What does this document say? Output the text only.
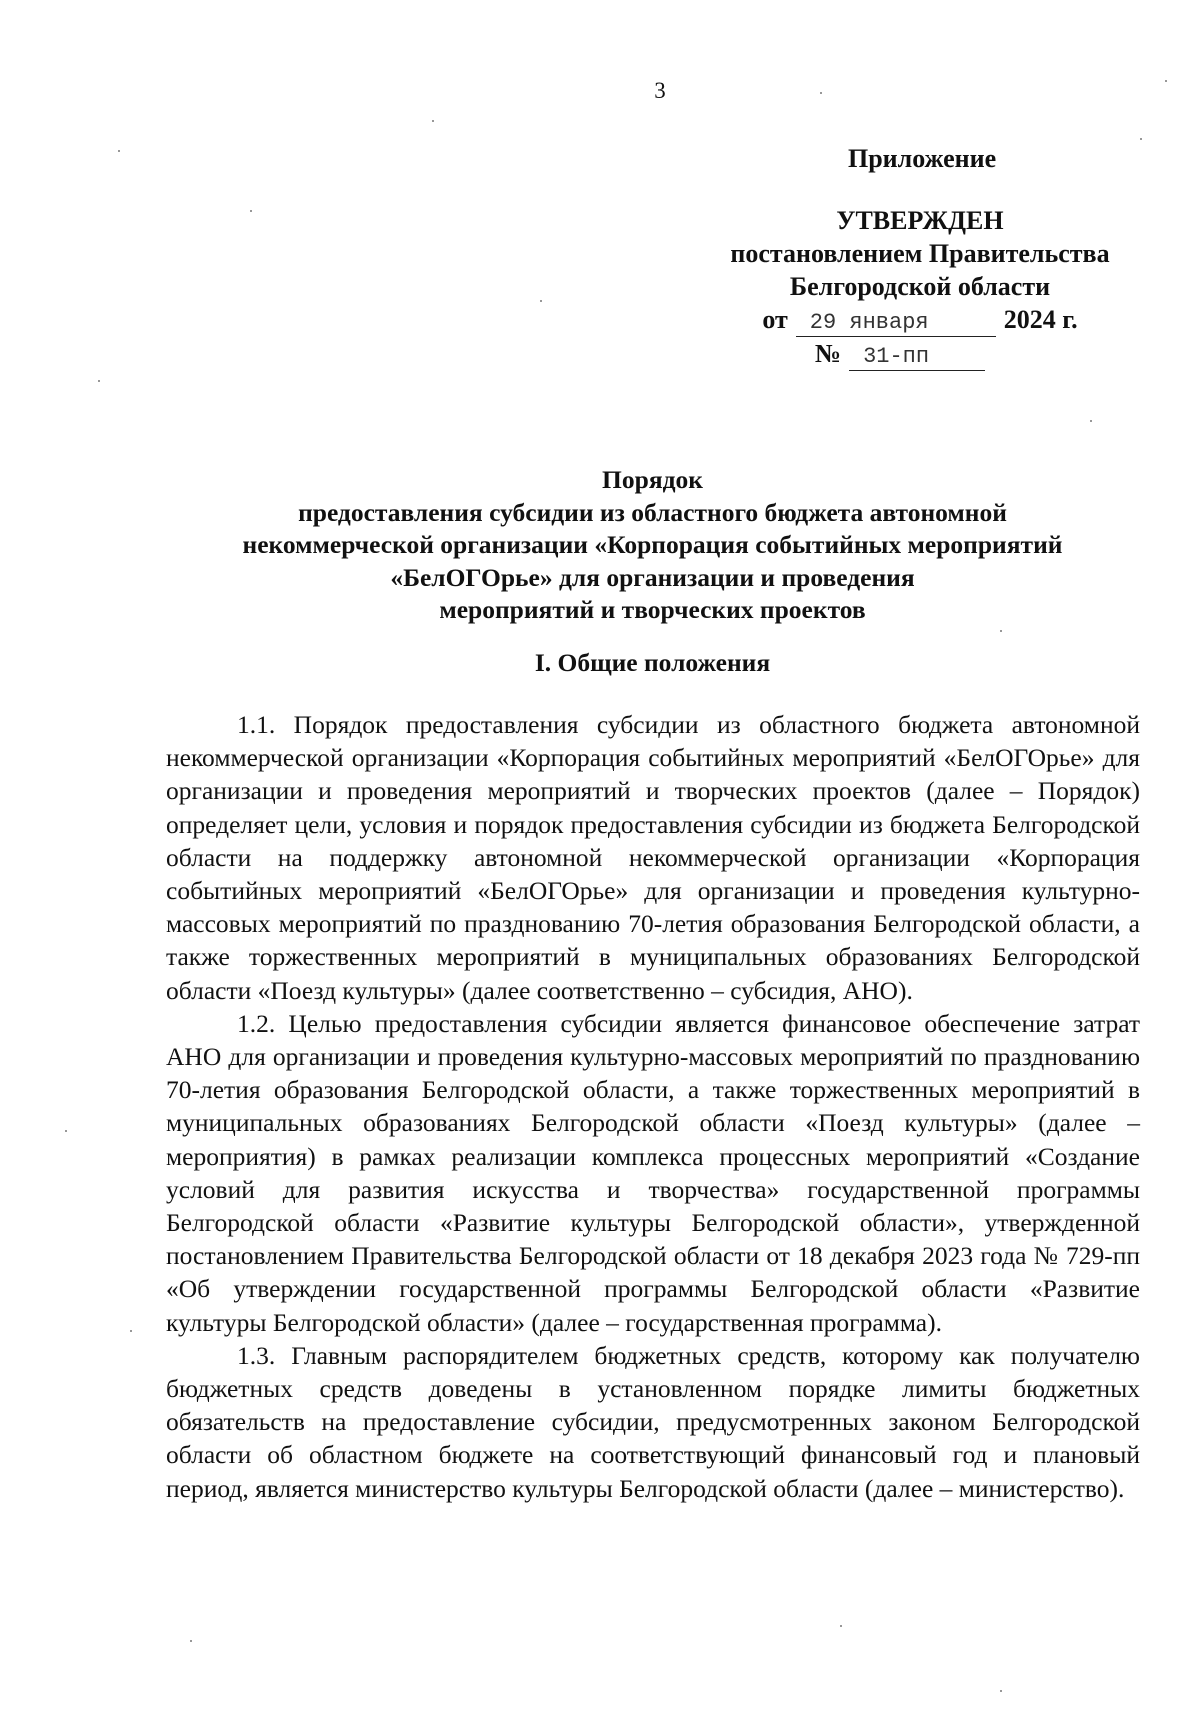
3
Приложение
УТВЕРЖДЕН
постановлением Правительства
Белгородской области
от	29 января	2024 г.
№	31-пп
Порядок
предоставления субсидии из областного бюджета автономной
некоммерческой организации «Корпорация событийных мероприятий
«БелОГОрье» для организации и проведения
мероприятий и творческих проектов
I. Общие положения

1.1. Порядок предоставления субсидии из областного бюджета автономной некоммерческой организации «Корпорация событийных мероприятий «БелОГОрье» для организации и проведения мероприятий и творческих проектов (далее – Порядок) определяет цели, условия и порядок предоставления субсидии из бюджета Белгородской области на поддержку автономной некоммерческой организации «Корпорация событийных мероприятий «БелОГОрье» для организации и проведения культурно-массовых мероприятий по празднованию 70-летия образования Белгородской области, а также торжественных мероприятий в муниципальных образованиях Белгородской области «Поезд культуры» (далее соответственно – субсидия, АНО).

1.2. Целью предоставления субсидии является финансовое обеспечение затрат АНО для организации и проведения культурно-массовых мероприятий по празднованию 70-летия образования Белгородской области, а также торжественных мероприятий в муниципальных образованиях Белгородской области «Поезд культуры» (далее – мероприятия) в рамках реализации комплекса процессных мероприятий «Создание условий для развития искусства и творчества» государственной программы Белгородской области «Развитие культуры Белгородской области», утвержденной постановлением Правительства Белгородской области от 18 декабря 2023 года № 729-пп «Об утверждении государственной программы Белгородской области «Развитие культуры Белгородской области» (далее – государственная программа).

1.3. Главным распорядителем бюджетных средств, которому как получателю бюджетных средств доведены в установленном порядке лимиты бюджетных обязательств на предоставление субсидии, предусмотренных законом Белгородской области об областном бюджете на соответствующий финансовый год и плановый период, является министерство культуры Белгородской области (далее – министерство).
